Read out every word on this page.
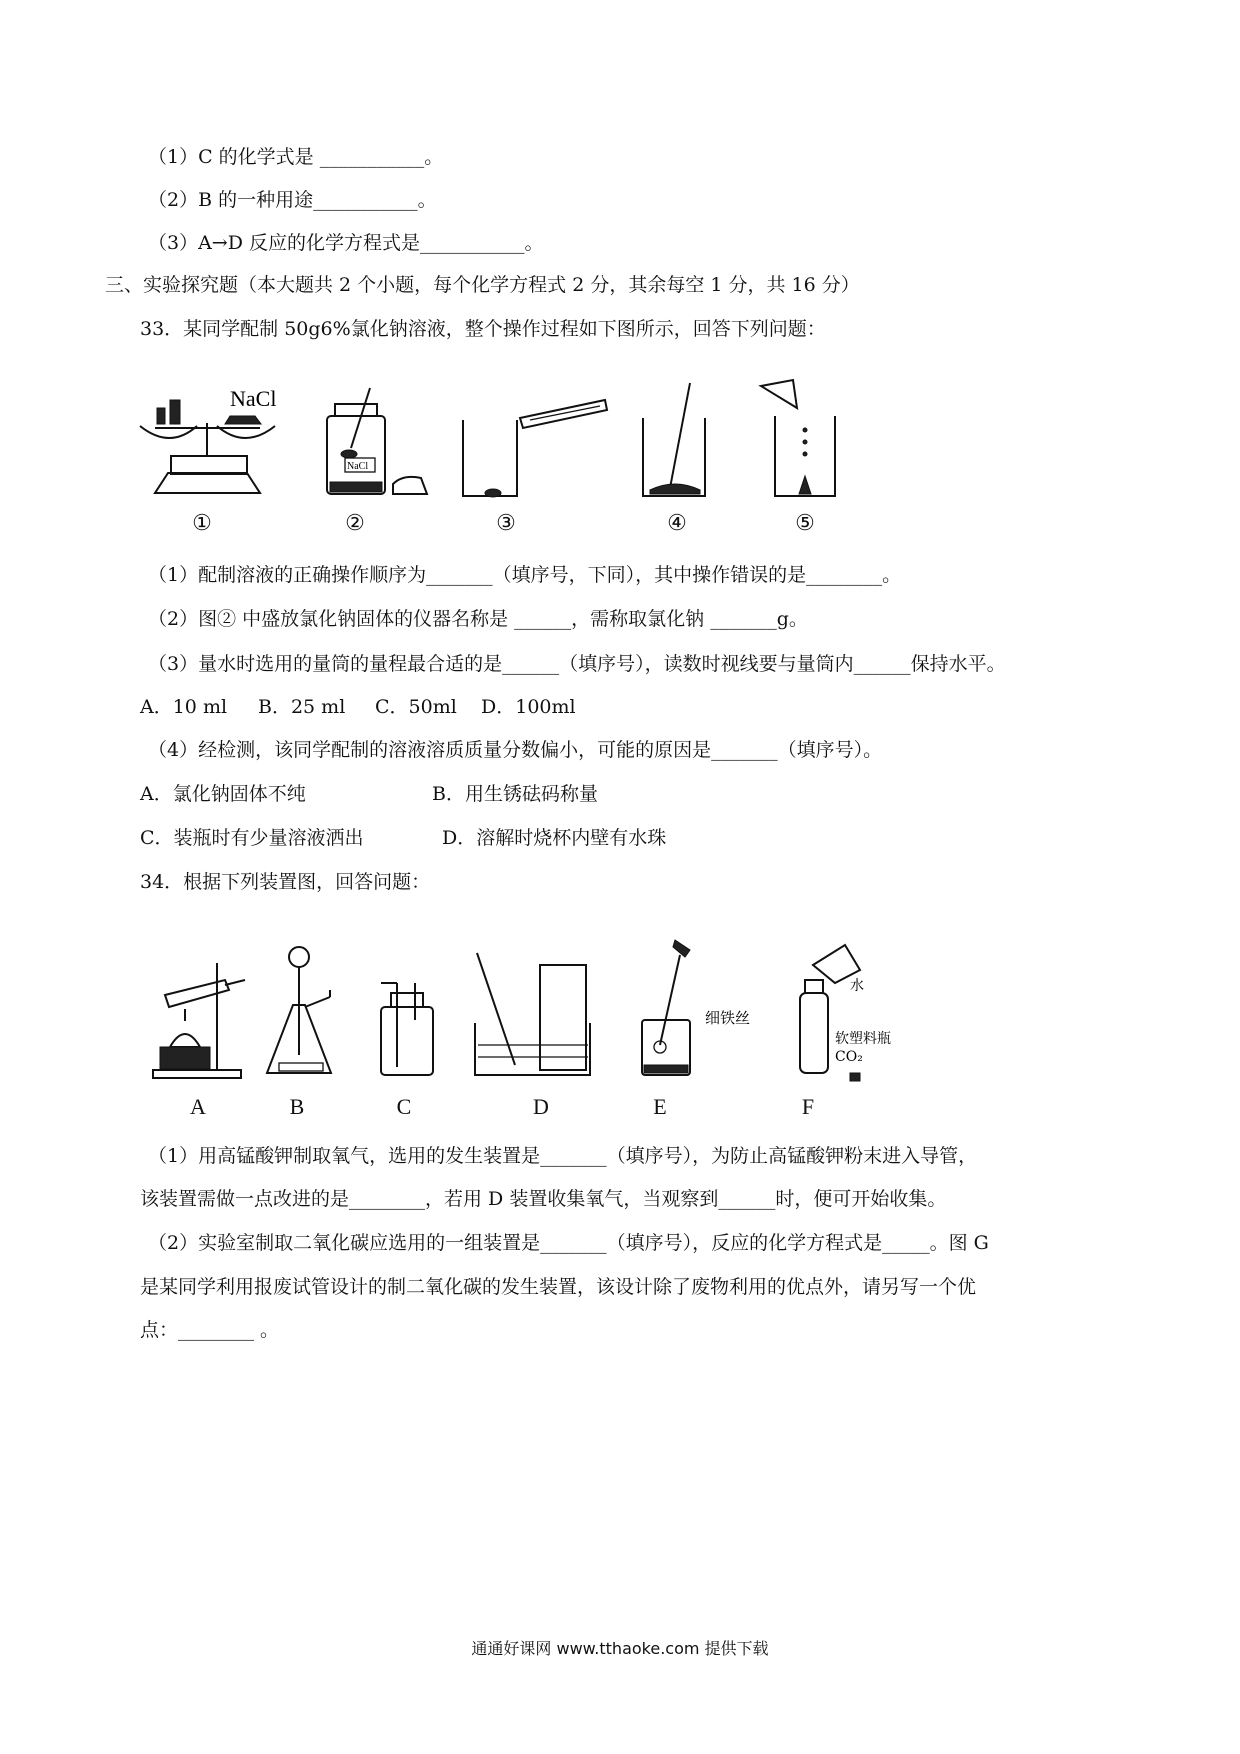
（1）C 的化学式是 ___________。
（2）B 的一种用途___________。
（3）A→D 反应的化学方程式是___________。
三、实验探究题（本大题共 2 个小题，每个化学方程式 2 分，其余每空 1 分，共 16 分）
33．某同学配制 50g6%氯化钠溶液，整个操作过程如下图所示，回答下列问题：
NaCl
NaCl
①	②	③	④	⑤
（1）配制溶液的正确操作顺序为_______（填序号，下同），其中操作错误的是________。
（2）图② 中盛放氯化钠固体的仪器名称是 ______，需称取氯化钠 _______g。
（3）量水时选用的量筒的量程最合适的是______（填序号），读数时视线要与量筒内______保持水平。
A．10 ml B．25 ml C．50ml D．100ml
（4）经检测，该同学配制的溶液溶质质量分数偏小，可能的原因是_______（填序号）。
A．氯化钠固体不纯	B．用生锈砝码称量
C．装瓶时有少量溶液洒出	D．溶解时烧杯内壁有水珠
34．根据下列装置图，回答问题：
细铁丝
水
软塑料瓶
CO₂
A	B	C	D	E	F
（1）用高锰酸钾制取氧气，选用的发生装置是_______（填序号），为防止高锰酸钾粉末进入导管，
该装置需做一点改进的是________，若用 D 装置收集氧气，当观察到______时，便可开始收集。
（2）实验室制取二氧化碳应选用的一组装置是_______（填序号），反应的化学方程式是_____。图 G
是某同学利用报废试管设计的制二氧化碳的发生装置，该设计除了废物利用的优点外，请另写一个优
点：________ 。
通通好课网 www.tthaoke.com 提供下载
